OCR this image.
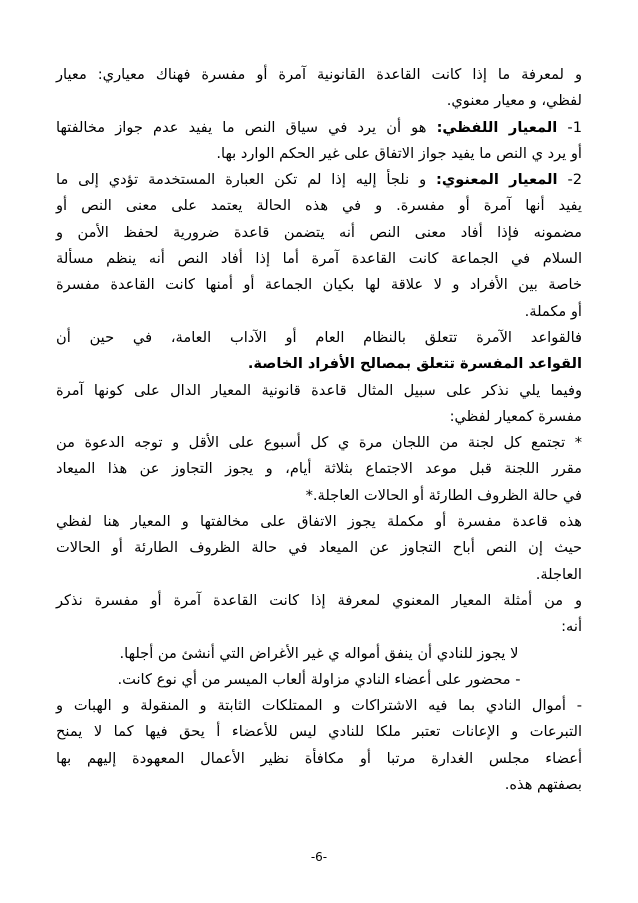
و لمعرفة ما إذا كانت القاعدة القانونية آمرة أو مفسرة فهناك معياري: معيار
لفظي، و معيار معنوي.
1- المعيار اللفظي: هو أن يرد في سياق النص ما يفيد عدم جواز مخالفتها
أو يرد ي النص ما يفيد جواز الاتفاق على غير الحكم الوارد بها.
2- المعيار المعنوي: و نلجأ إليه إذا لم تكن العبارة المستخدمة تؤدي إلى ما
يفيد أنها آمرة أو مفسرة. و في هذه الحالة يعتمد على معنى النص أو
مضمونه فإذا أفاد معنى النص أنه يتضمن قاعدة ضرورية لحفظ الأمن و
السلام في الجماعة كانت القاعدة آمرة أما إذا أفاد النص أنه ينظم مسألة
خاصة بين الأفراد و لا علاقة لها بكيان الجماعة أو أمنها كانت القاعدة مفسرة
أو مكملة.
فالقواعد الآمرة تتعلق بالنظام العام أو الآداب العامة، في حين أن
القواعد المفسرة تتعلق بمصالح الأفراد الخاصة.
وفيما يلي نذكر على سبيل المثال قاعدة قانونية المعيار الدال على كونها آمرة
مفسرة كمعيار لفظي:
* تجتمع كل لجنة من اللجان مرة ي كل أسبوع على الأقل و توجه الدعوة من
مقرر اللجنة قبل موعد الاجتماع بثلاثة أيام، و يجوز التجاوز عن هذا الميعاد
في حالة الظروف الطارئة أو الحالات العاجلة.*
هذه قاعدة مفسرة أو مكملة يجوز الاتفاق على مخالفتها و المعيار هنا لفظي
حيث إن النص أباح التجاوز عن الميعاد في حالة الظروف الطارئة أو الحالات
العاجلة.
و من أمثلة المعيار المعنوي لمعرفة إذا كانت القاعدة آمرة أو مفسرة نذكر
أنه:
لا يجوز للنادي أن ينفق أمواله ي غير الأغراض التي أنشئ من أجلها.
- محضور على أعضاء النادي مزاولة ألعاب الميسر من أي نوع كانت.
- أموال النادي بما فيه الاشتراكات و الممتلكات الثابتة و المنقولة و الهبات و
التبرعات و الإعانات تعتبر ملكا للنادي ليس للأعضاء أ يحق فيها كما لا يمنح
أعضاء مجلس الغدارة مرتبا أو مكافأة نظير الأعمال المعهودة إليهم بها
بصفتهم هذه.
-6-
